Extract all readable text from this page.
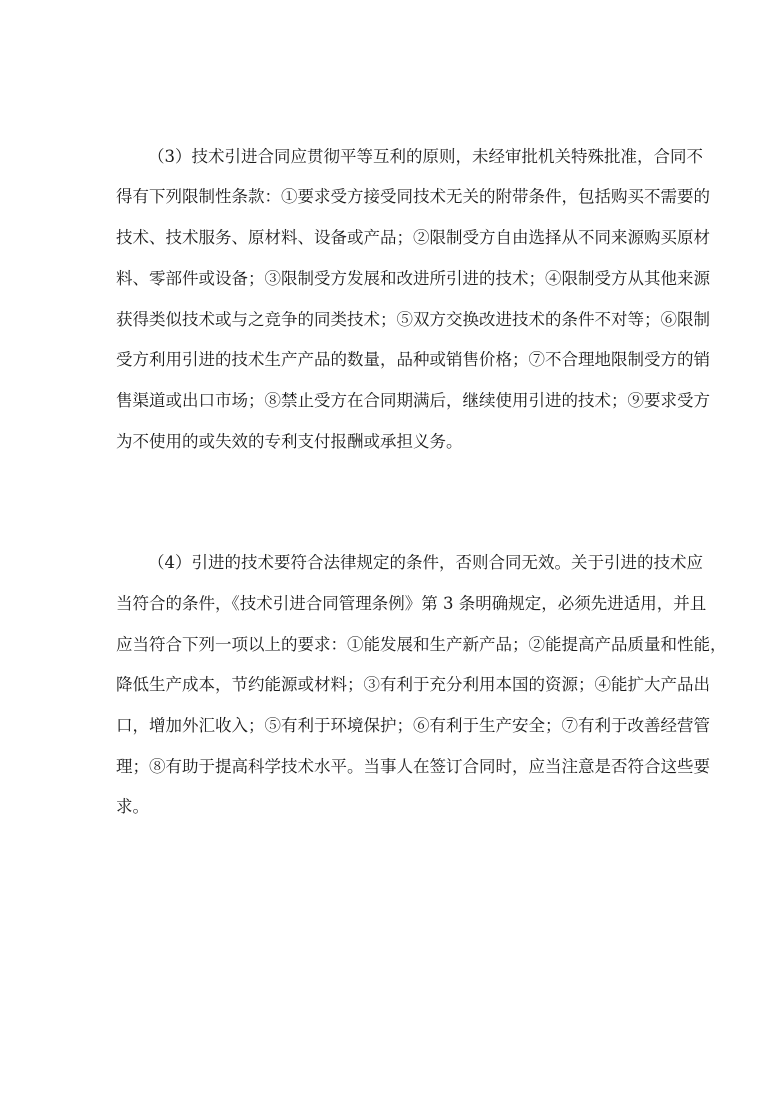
（3）技术引进合同应贯彻平等互利的原则，未经审批机关特殊批准，合同不
得有下列限制性条款：①要求受方接受同技术无关的附带条件，包括购买不需要的
技术、技术服务、原材料、设备或产品；②限制受方自由选择从不同来源购买原材
料、零部件或设备；③限制受方发展和改进所引进的技术；④限制受方从其他来源
获得类似技术或与之竞争的同类技术；⑤双方交换改进技术的条件不对等；⑥限制
受方利用引进的技术生产产品的数量，品种或销售价格；⑦不合理地限制受方的销
售渠道或出口市场；⑧禁止受方在合同期满后，继续使用引进的技术；⑨要求受方
为不使用的或失效的专利支付报酬或承担义务。
（4）引进的技术要符合法律规定的条件，否则合同无效。关于引进的技术应
当符合的条件，《技术引进合同管理条例》第 3 条明确规定，必须先进适用，并且
应当符合下列一项以上的要求：①能发展和生产新产品；②能提高产品质量和性能，
降低生产成本，节约能源或材料；③有利于充分利用本国的资源；④能扩大产品出
口，增加外汇收入；⑤有利于环境保护；⑥有利于生产安全；⑦有利于改善经营管
理；⑧有助于提高科学技术水平。当事人在签订合同时，应当注意是否符合这些要
求。
